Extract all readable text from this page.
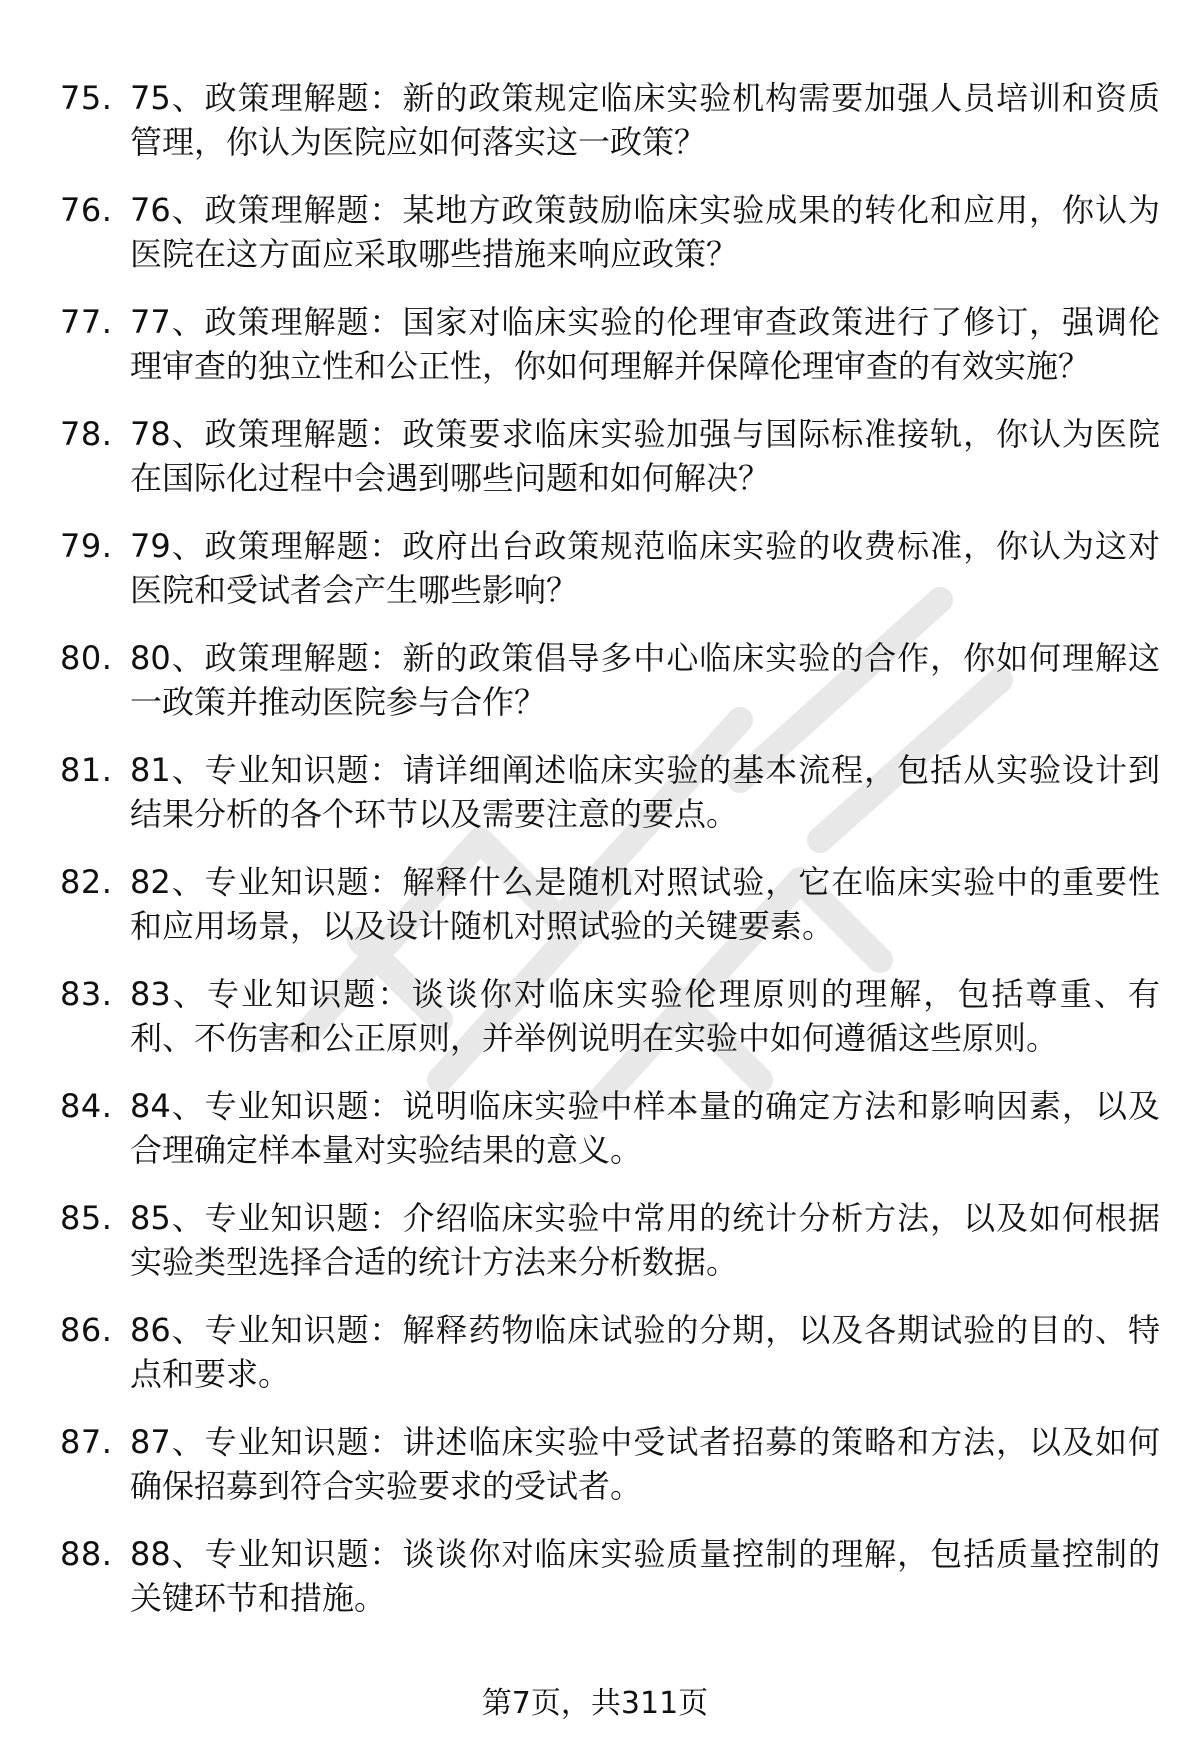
75. 75、政策理解题：新的政策规定临床实验机构需要加强人员培训和资质管理，你认为医院应如何落实这一政策？
76. 76、政策理解题：某地方政策鼓励临床实验成果的转化和应用，你认为医院在这方面应采取哪些措施来响应政策？
77. 77、政策理解题：国家对临床实验的伦理审查政策进行了修订，强调伦理审查的独立性和公正性，你如何理解并保障伦理审查的有效实施？
78. 78、政策理解题：政策要求临床实验加强与国际标准接轨，你认为医院在国际化过程中会遇到哪些问题和如何解决？
79. 79、政策理解题：政府出台政策规范临床实验的收费标准，你认为这对医院和受试者会产生哪些影响？
80. 80、政策理解题：新的政策倡导多中心临床实验的合作，你如何理解这一政策并推动医院参与合作？
81. 81、专业知识题：请详细阐述临床实验的基本流程，包括从实验设计到结果分析的各个环节以及需要注意的要点。
82. 82、专业知识题：解释什么是随机对照试验，它在临床实验中的重要性和应用场景，以及设计随机对照试验的关键要素。
83. 83、专业知识题：谈谈你对临床实验伦理原则的理解，包括尊重、有利、不伤害和公正原则，并举例说明在实验中如何遵循这些原则。
84. 84、专业知识题：说明临床实验中样本量的确定方法和影响因素，以及合理确定样本量对实验结果的意义。
85. 85、专业知识题：介绍临床实验中常用的统计分析方法，以及如何根据实验类型选择合适的统计方法来分析数据。
86. 86、专业知识题：解释药物临床试验的分期，以及各期试验的目的、特点和要求。
87. 87、专业知识题：讲述临床实验中受试者招募的策略和方法，以及如何确保招募到符合实验要求的受试者。
88. 88、专业知识题：谈谈你对临床实验质量控制的理解，包括质量控制的关键环节和措施。
第7页，共311页
